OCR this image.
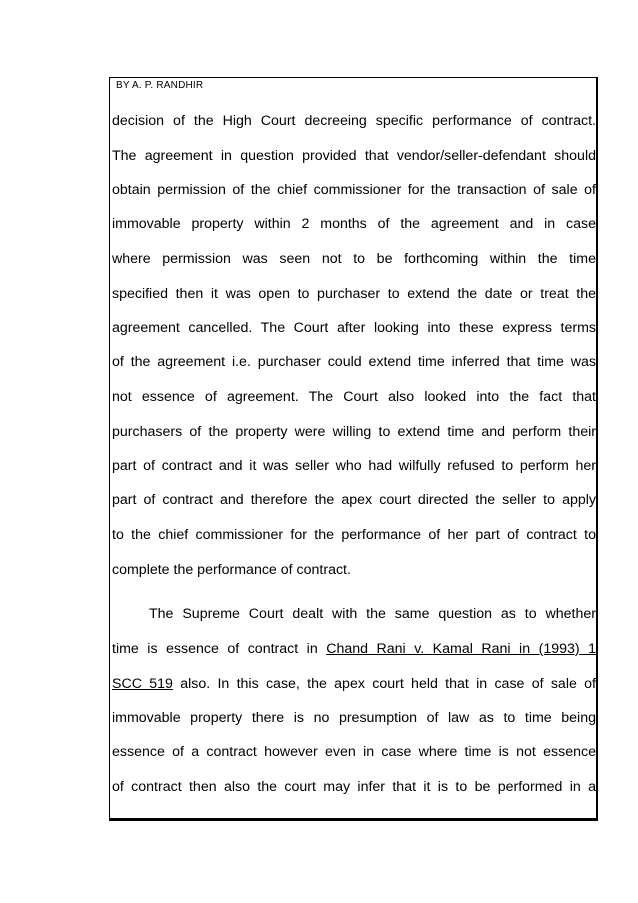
BY A. P. RANDHIR
decision of the High Court decreeing specific performance of contract.
The agreement in question provided that vendor/seller-defendant should
obtain permission of the chief commissioner for the transaction of sale of
immovable property within 2 months of the agreement and in case
where permission was seen not to be forthcoming within the time
specified then it was open to purchaser to extend the date or treat the
agreement cancelled. The Court after looking into these express terms
of the agreement i.e. purchaser could extend time inferred that time was
not essence of agreement. The Court also looked into the fact that
purchasers of the property were willing to extend time and perform their
part of contract and it was seller who had wilfully refused to perform her
part of contract and therefore the apex court directed the seller to apply
to the chief commissioner for the performance of her part of contract to
complete the performance of contract.
The Supreme Court dealt with the same question as to whether
time is essence of contract in Chand Rani v. Kamal Rani in (1993) 1
SCC 519 also. In this case, the apex court held that in case of sale of
immovable property there is no presumption of law as to time being
essence of a contract however even in case where time is not essence
of contract then also the court may infer that it is to be performed in a
